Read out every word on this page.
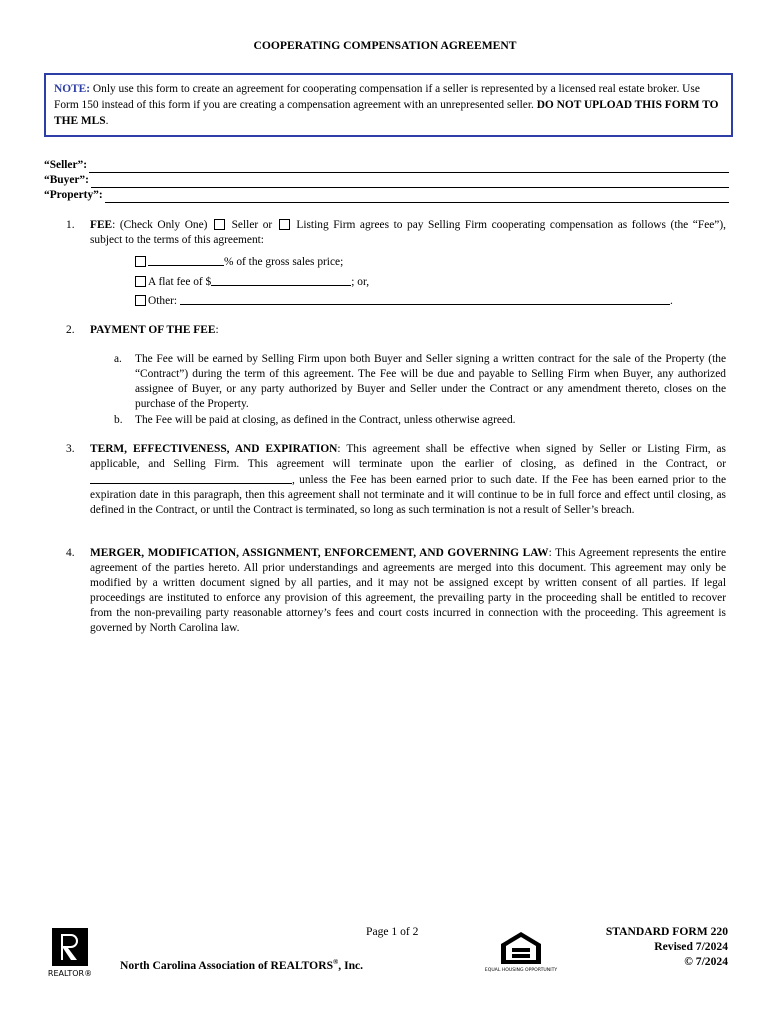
COOPERATING COMPENSATION AGREEMENT
NOTE: Only use this form to create an agreement for cooperating compensation if a seller is represented by a licensed real estate broker. Use Form 150 instead of this form if you are creating a compensation agreement with an unrepresented seller. DO NOT UPLOAD THIS FORM TO THE MLS.
“Seller”:
“Buyer”:
“Property”:
1.	FEE: (Check Only One)  Seller or  Listing Firm agrees to pay Selling Firm cooperating compensation as follows (the “Fee”), subject to the terms of this agreement:
% of the gross sales price;
A flat fee of $	; or,
Other:	.
2.	PAYMENT OF THE FEE:
a. The Fee will be earned by Selling Firm upon both Buyer and Seller signing a written contract for the sale of the Property (the “Contract”) during the term of this agreement. The Fee will be due and payable to Selling Firm when Buyer, any authorized assignee of Buyer, or any party authorized by Buyer and Seller under the Contract or any amendment thereto, closes on the purchase of the Property.
b. The Fee will be paid at closing, as defined in the Contract, unless otherwise agreed.
3.	TERM, EFFECTIVENESS, AND EXPIRATION: This agreement shall be effective when signed by Seller or Listing Firm, as applicable, and Selling Firm. This agreement will terminate upon the earlier of closing, as defined in the Contract, or , unless the Fee has been earned prior to such date. If the Fee has been earned prior to the expiration date in this paragraph, then this agreement shall not terminate and it will continue to be in full force and effect until closing, as defined in the Contract, or until the Contract is terminated, so long as such termination is not a result of Seller’s breach.
4.	MERGER, MODIFICATION, ASSIGNMENT, ENFORCEMENT, AND GOVERNING LAW: This Agreement represents the entire agreement of the parties hereto. All prior understandings and agreements are merged into this document. This agreement may only be modified by a written document signed by all parties, and it may not be assigned except by written consent of all parties. If legal proceedings are instituted to enforce any provision of this agreement, the prevailing party in the proceeding shall be entitled to recover from the non-prevailing party reasonable attorney’s fees and court costs incurred in connection with the proceeding. This agreement is governed by North Carolina law.
REALTOR®
Page 1 of 2
North Carolina Association of REALTORS®, Inc.	EQUAL HOUSING OPPORTUNITY
STANDARD FORM 220
Revised 7/2024
© 7/2024
